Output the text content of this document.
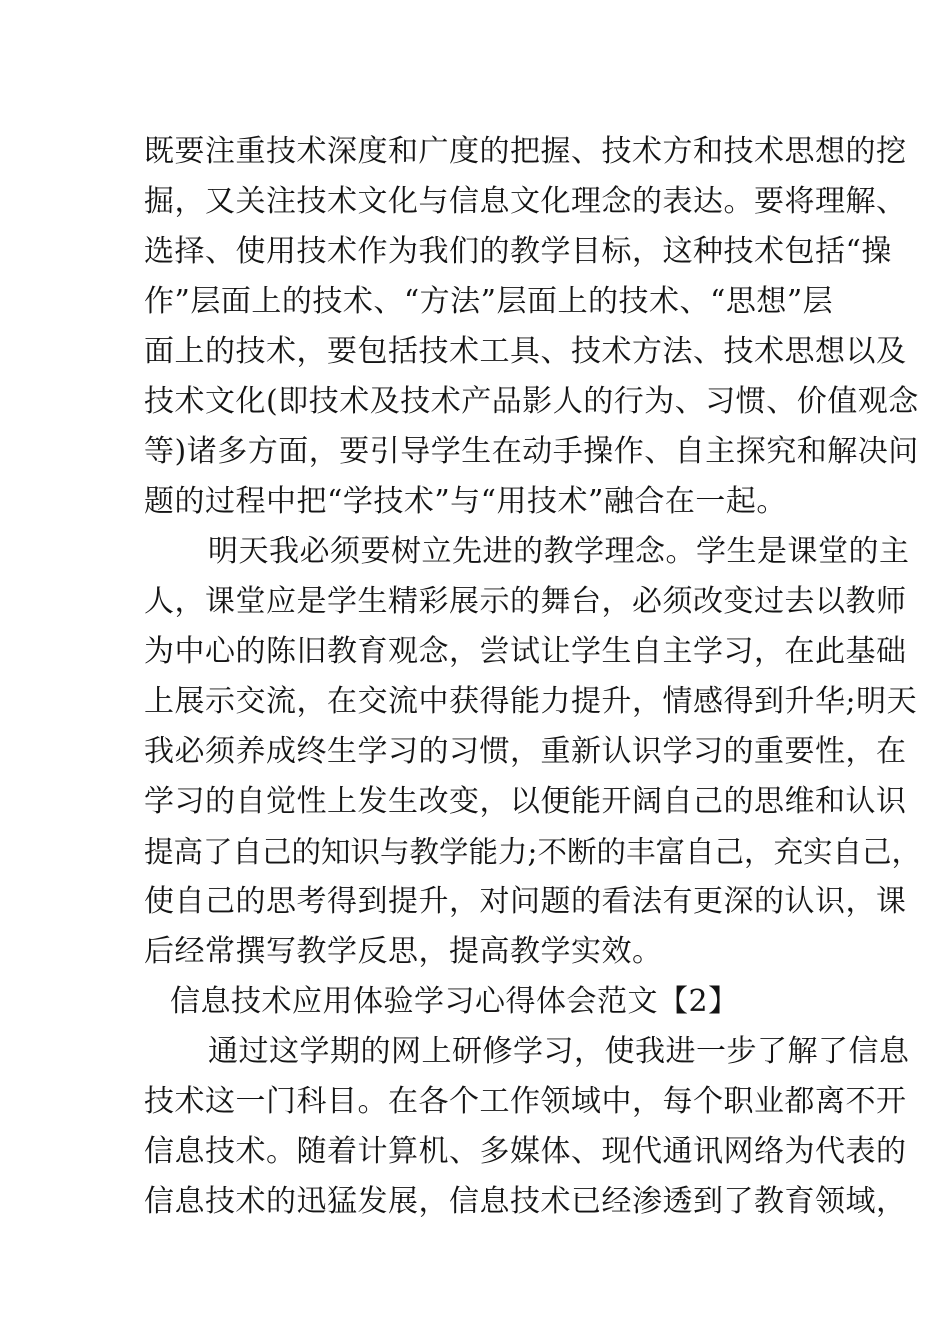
既要注重技术深度和广度的把握、技术方和技术思想的挖
掘，又关注技术文化与信息文化理念的表达。要将理解、
选择、使用技术作为我们的教学目标，这种技术包括“操
作”层面上的技术、“方法”层面上的技术、“思想”层
面上的技术，要包括技术工具、技术方法、技术思想以及
技术文化(即技术及技术产品影人的行为、习惯、价值观念
等)诸多方面，要引导学生在动手操作、自主探究和解决问
题的过程中把“学技术”与“用技术”融合在一起。
明天我必须要树立先进的教学理念。学生是课堂的主
人，课堂应是学生精彩展示的舞台，必须改变过去以教师
为中心的陈旧教育观念，尝试让学生自主学习，在此基础
上展示交流，在交流中获得能力提升，情感得到升华;明天
我必须养成终生学习的习惯，重新认识学习的重要性，在
学习的自觉性上发生改变，以便能开阔自己的思维和认识
提高了自己的知识与教学能力;不断的丰富自己，充实自己，
使自己的思考得到提升，对问题的看法有更深的认识，课
后经常撰写教学反思，提高教学实效。
信息技术应用体验学习心得体会范文【2】
通过这学期的网上研修学习，使我进一步了解了信息
技术这一门科目。在各个工作领域中，每个职业都离不开
信息技术。随着计算机、多媒体、现代通讯网络为代表的
信息技术的迅猛发展，信息技术已经渗透到了教育领域，
